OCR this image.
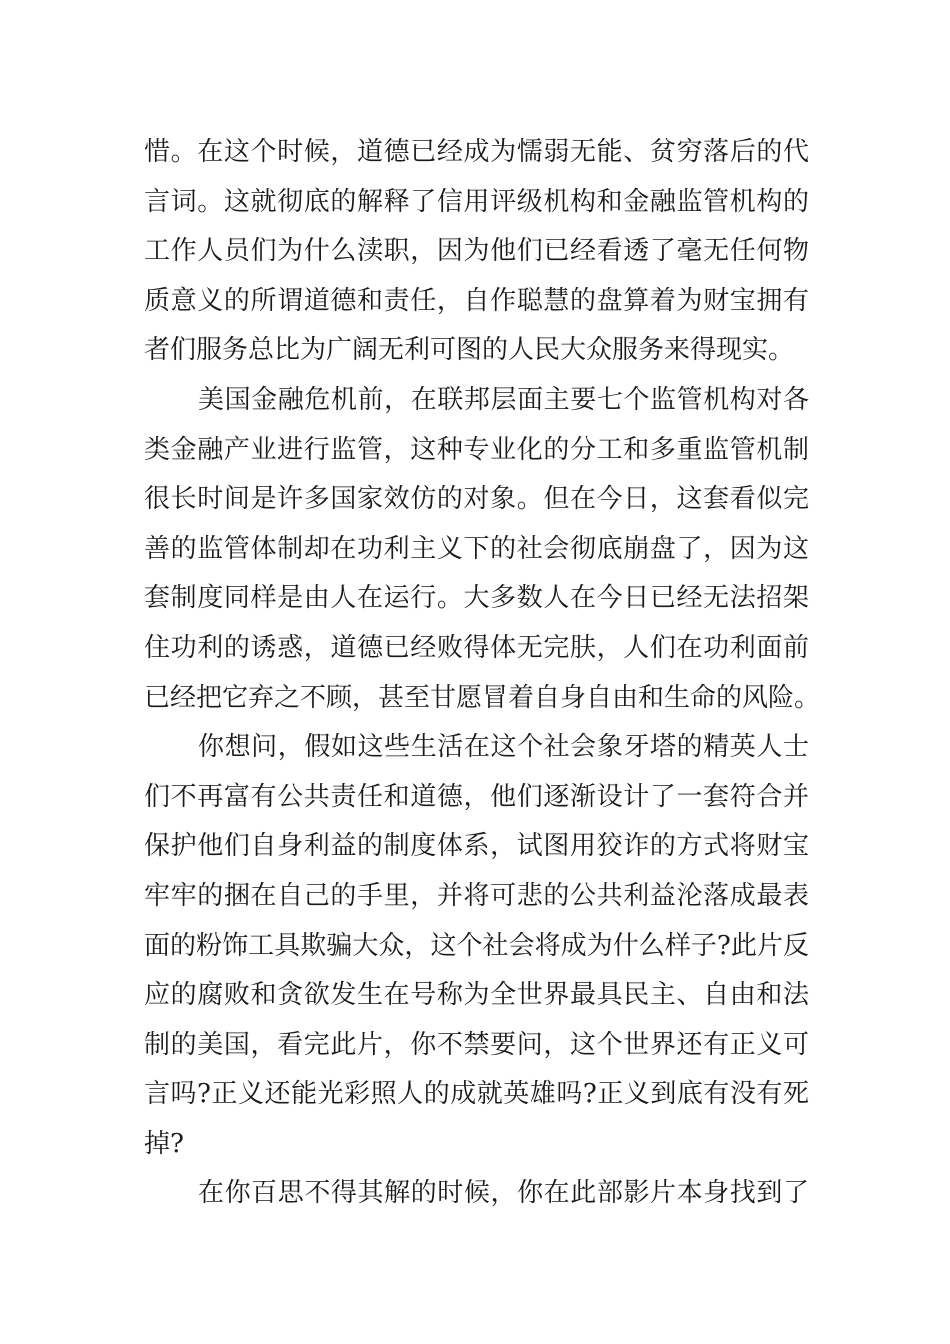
惜。在这个时候，道德已经成为懦弱无能、贫穷落后的代
言词。这就彻底的解释了信用评级机构和金融监管机构的
工作人员们为什么渎职，因为他们已经看透了毫无任何物
质意义的所谓道德和责任，自作聪慧的盘算着为财宝拥有
者们服务总比为广阔无利可图的人民大众服务来得现实。
美国金融危机前，在联邦层面主要七个监管机构对各
类金融产业进行监管，这种专业化的分工和多重监管机制
很长时间是许多国家效仿的对象。但在今日，这套看似完
善的监管体制却在功利主义下的社会彻底崩盘了，因为这
套制度同样是由人在运行。大多数人在今日已经无法招架
住功利的诱惑，道德已经败得体无完肤，人们在功利面前
已经把它弃之不顾，甚至甘愿冒着自身自由和生命的风险。
你想问，假如这些生活在这个社会象牙塔的精英人士
们不再富有公共责任和道德，他们逐渐设计了一套符合并
保护他们自身利益的制度体系，试图用狡诈的方式将财宝
牢牢的捆在自己的手里，并将可悲的公共利益沦落成最表
面的粉饰工具欺骗大众，这个社会将成为什么样子?此片反
应的腐败和贪欲发生在号称为全世界最具民主、自由和法
制的美国，看完此片，你不禁要问，这个世界还有正义可
言吗?正义还能光彩照人的成就英雄吗?正义到底有没有死
掉?
在你百思不得其解的时候，你在此部影片本身找到了
